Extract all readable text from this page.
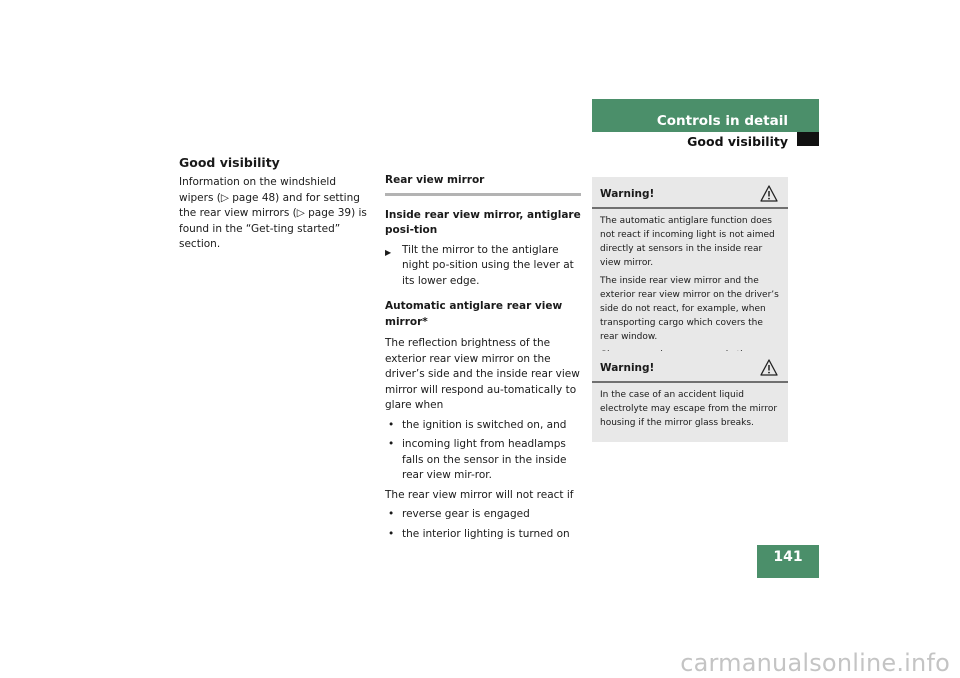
Controls in detail
Good visibility
Good visibility

Information on the windshield wipers (▷ page 48) and for setting the rear view mirrors (▷ page 39) is found in the “Get-ting started” section.

Rear view mirror

Inside rear view mirror, antiglare posi-tion

▶ Tilt the mirror to the antiglare night po-sition using the lever at its lower edge.

Automatic antiglare rear view mirror*

The reflection brightness of the exterior rear view mirror on the driver’s side and the inside rear view mirror will respond au-tomatically to glare when

• the ignition is switched on, and
• incoming light from headlamps falls on the sensor in the inside rear view mir-ror.

The rear view mirror will not react if

• reverse gear is engaged
• the interior lighting is turned on
Warning!

The automatic antiglare function does not react if incoming light is not aimed directly at sensors in the inside rear view mirror.

The inside rear view mirror and the exterior rear view mirror on the driver’s side do not react, for example, when transporting cargo which covers the rear window.

Warning!

In the case of an accident liquid electrolyte may escape from the mirror housing if the mirror glass breaks.

141
carmanualsonline.info
